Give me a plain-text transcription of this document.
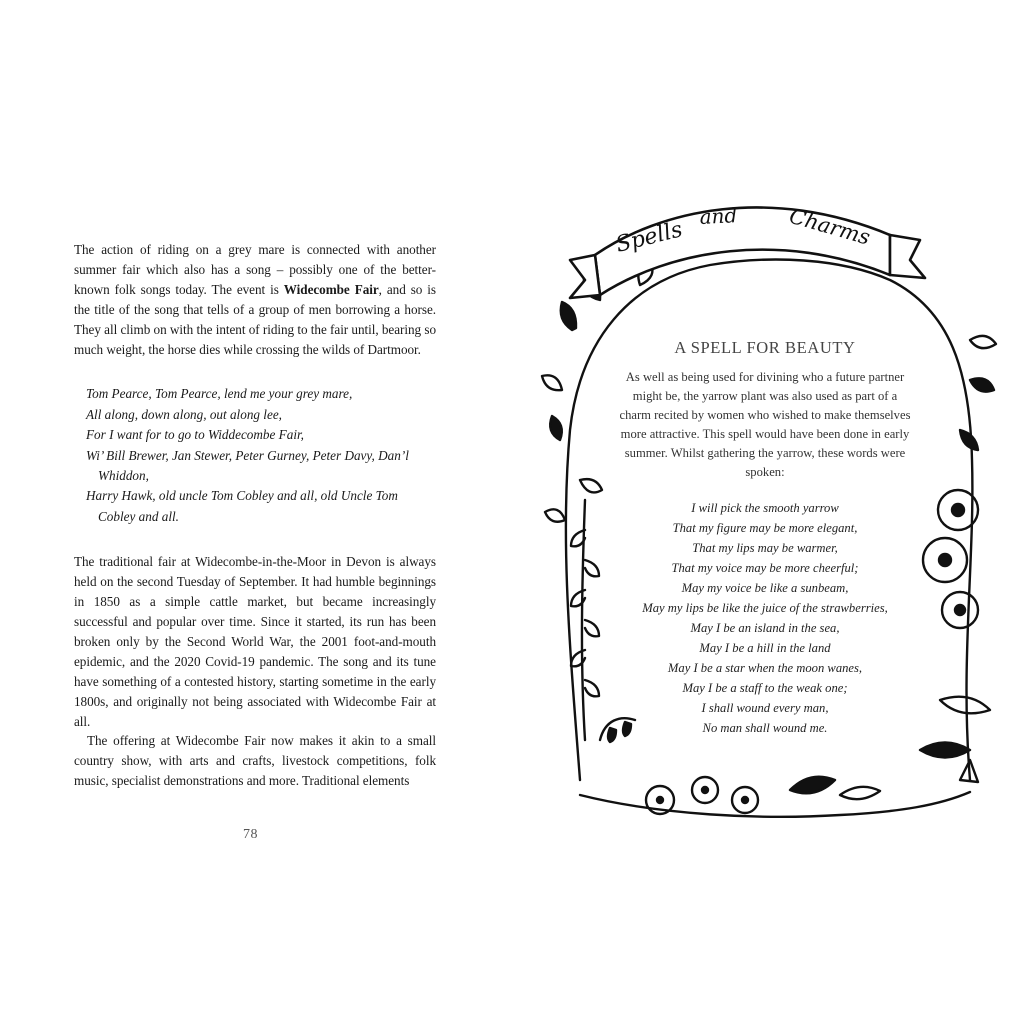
The action of riding on a grey mare is connected with another summer fair which also has a song – possibly one of the better-known folk songs today. The event is Widecombe Fair, and so is the title of the song that tells of a group of men borrowing a horse. They all climb on with the intent of riding to the fair until, bearing so much weight, the horse dies while crossing the wilds of Dartmoor.

Tom Pearce, Tom Pearce, lend me your grey mare,
All along, down along, out along lee,
For I want for to go to Widdecombe Fair,
Wi’ Bill Brewer, Jan Stewer, Peter Gurney, Peter Davy, Dan’l Whiddon,
Harry Hawk, old uncle Tom Cobley and all, old Uncle Tom Cobley and all.

The traditional fair at Widecombe-in-the-Moor in Devon is always held on the second Tuesday of September. It had humble beginnings in 1850 as a simple cattle market, but became increasingly successful and popular over time. Since it started, its run has been broken only by the Second World War, the 2001 foot-and-mouth epidemic, and the 2020 Covid-19 pandemic. The song and its tune have something of a contested history, starting sometime in the early 1800s, and originally not being associated with Widecombe Fair at all.

The offering at Widecombe Fair now makes it akin to a small country show, with arts and crafts, livestock competitions, folk music, specialist demonstrations and more. Traditional elements

78
Spells
and Charms
A SPELL FOR BEAUTY

As well as being used for divining who a future partner might be, the yarrow plant was also used as part of a charm recited by women who wished to make themselves more attractive. This spell would have been done in early summer. Whilst gathering the yarrow, these words were spoken:

I will pick the smooth yarrow
That my figure may be more elegant,
That my lips may be warmer,
That my voice may be more cheerful;
May my voice be like a sunbeam,
May my lips be like the juice of the strawberries,
May I be an island in the sea,
May I be a hill in the land
May I be a star when the moon wanes,
May I be a staff to the weak one;
I shall wound every man,
No man shall wound me.
